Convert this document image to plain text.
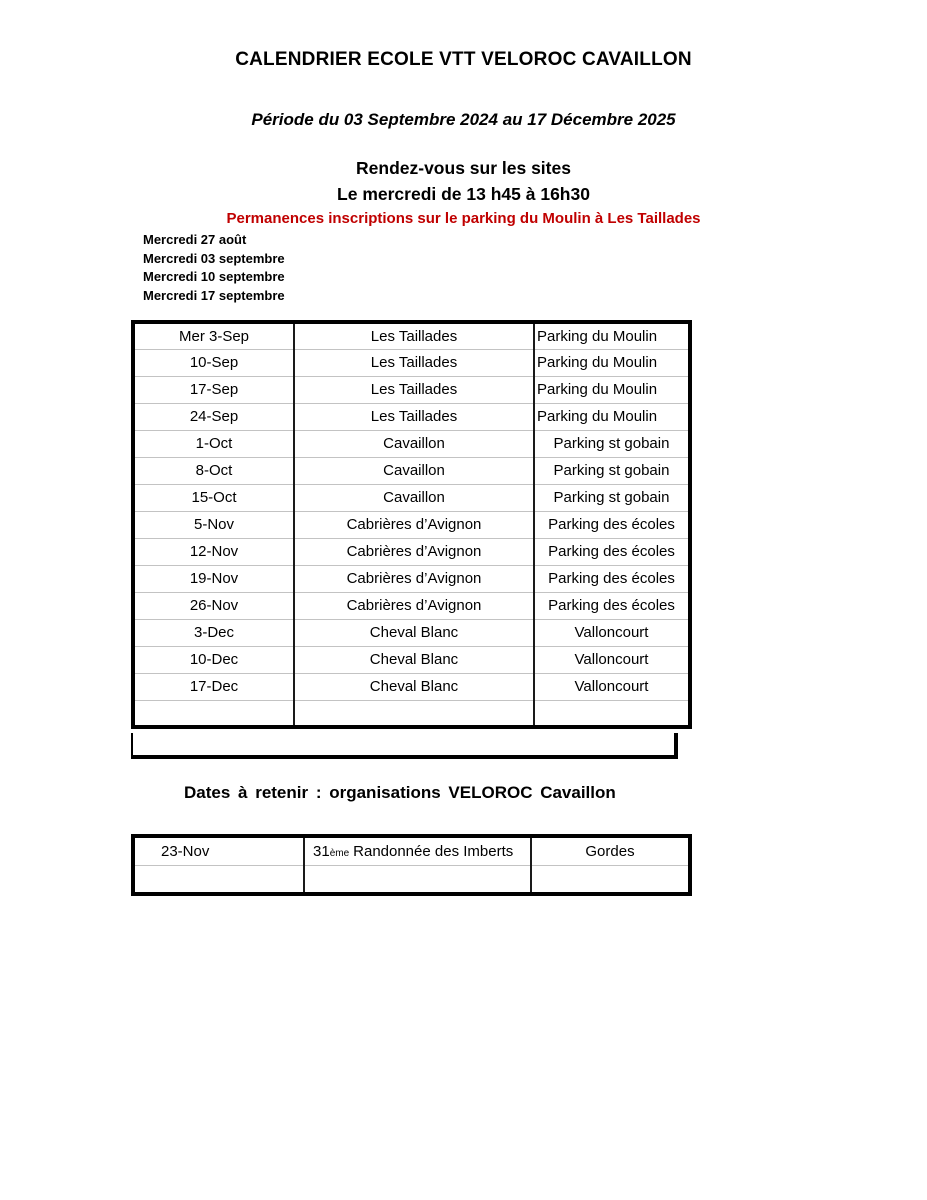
CALENDRIER ECOLE VTT VELOROC CAVAILLON
Période du 03 Septembre 2024 au 17 Décembre 2025
Rendez-vous sur les sites
Le mercredi de 13 h45 à 16h30
Permanences inscriptions sur le parking du Moulin à Les Taillades
Mercredi 27 août
Mercredi 03 septembre
Mercredi 10 septembre
Mercredi 17 septembre
Mer 3-Sep	Les Taillades	Parking du Moulin
10-Sep	Les Taillades	Parking du Moulin
17-Sep	Les Taillades	Parking du Moulin
24-Sep	Les Taillades	Parking du Moulin
1-Oct	Cavaillon	Parking st gobain
8-Oct	Cavaillon	Parking st gobain
15-Oct	Cavaillon	Parking st gobain
5-Nov	Cabrières d’Avignon	Parking des écoles
12-Nov	Cabrières d’Avignon	Parking des écoles
19-Nov	Cabrières d’Avignon	Parking des écoles
26-Nov	Cabrières d’Avignon	Parking des écoles
3-Dec	Cheval Blanc	Valloncourt
10-Dec	Cheval Blanc	Valloncourt
17-Dec	Cheval Blanc	Valloncourt

Dates à retenir : organisations VELOROC Cavaillon
23-Nov	31ème Randonnée des Imberts	Gordes
